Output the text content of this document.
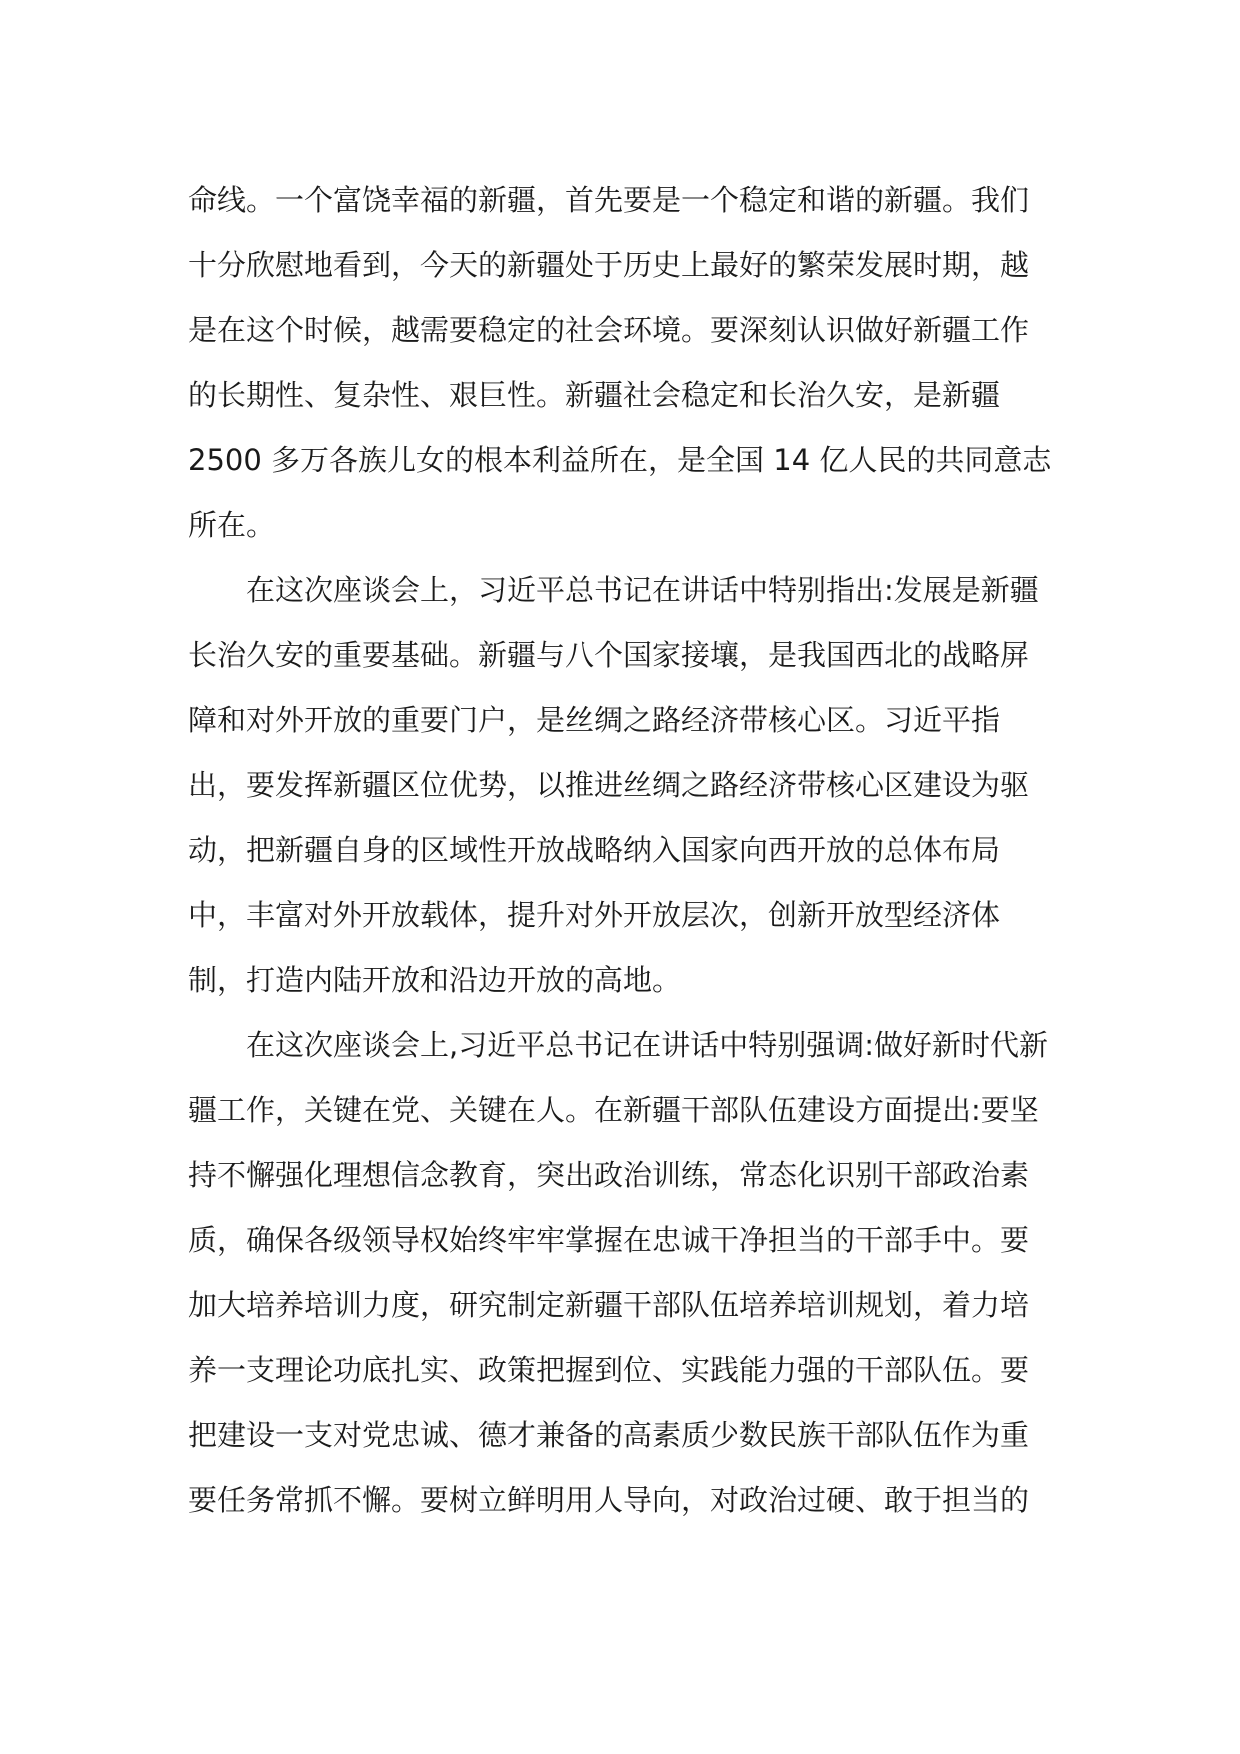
命线。一个富饶幸福的新疆，首先要是一个稳定和谐的新疆。我们
十分欣慰地看到，今天的新疆处于历史上最好的繁荣发展时期，越
是在这个时候，越需要稳定的社会环境。要深刻认识做好新疆工作
的长期性、复杂性、艰巨性。新疆社会稳定和长治久安，是新疆
2500 多万各族儿女的根本利益所在，是全国 14 亿人民的共同意志
所在。
　　在这次座谈会上，习近平总书记在讲话中特别指出:发展是新疆
长治久安的重要基础。新疆与八个国家接壤，是我国西北的战略屏
障和对外开放的重要门户，是丝绸之路经济带核心区。习近平指
出，要发挥新疆区位优势，以推进丝绸之路经济带核心区建设为驱
动，把新疆自身的区域性开放战略纳入国家向西开放的总体布局
中，丰富对外开放载体，提升对外开放层次，创新开放型经济体
制，打造内陆开放和沿边开放的高地。
　　在这次座谈会上,习近平总书记在讲话中特别强调:做好新时代新
疆工作，关键在党、关键在人。在新疆干部队伍建设方面提出:要坚
持不懈强化理想信念教育，突出政治训练，常态化识别干部政治素
质，确保各级领导权始终牢牢掌握在忠诚干净担当的干部手中。要
加大培养培训力度，研究制定新疆干部队伍培养培训规划，着力培
养一支理论功底扎实、政策把握到位、实践能力强的干部队伍。要
把建设一支对党忠诚、德才兼备的高素质少数民族干部队伍作为重
要任务常抓不懈。要树立鲜明用人导向，对政治过硬、敢于担当的
